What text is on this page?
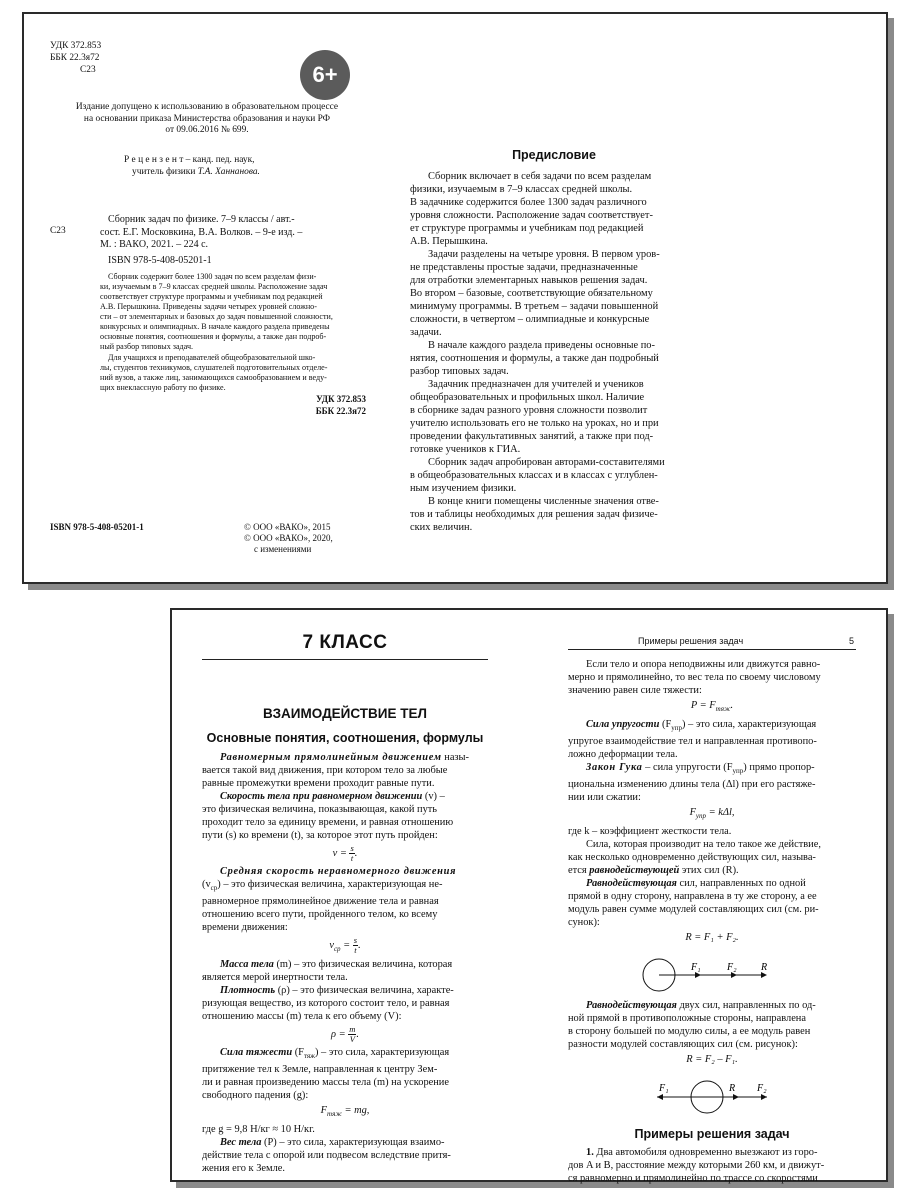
УДК 372.853
ББК 22.3я72
С23	6+
Издание допущено к использованию в образовательном процессе
на основании приказа Министерства образования и науки РФ
от 09.06.2016 № 699.
Р е ц е н з е н т – канд. пед. наук,
учитель физики Т.А. Ханнанова.
С23
Сборник задач по физике. 7–9 классы / авт.-
сост. Е.Г. Московкина, В.А. Волков. – 9-е изд. –
М. : ВАКО, 2021. – 224 с.
ISBN 978-5-408-05201-1
Сборник содержит более 1300 задач по всем разделам физи-
ки, изучаемым в 7–9 классах средней школы. Расположение задач
соответствует структуре программы и учебникам под редакцией
А.В. Перышкина. Приведены задачи четырех уровней сложно-
сти – от элементарных и базовых до задач повышенной сложности,
конкурсных и олимпиадных. В начале каждого раздела приведены
основные понятия, соотношения и формулы, а также дан подроб-
ный разбор типовых задач.
Для учащихся и преподавателей общеобразовательной шко-
лы, студентов техникумов, слушателей подготовительных отделе-
ний вузов, а также лиц, занимающихся самообразованием и веду-
щих внеклассную работу по физике.
УДК 372.853
ББК 22.3я72
ISBN 978-5-408-05201-1	© ООО «ВАКО», 2015
© ООО «ВАКО», 2020,
с изменениями
Предисловие
Сборник включает в себя задачи по всем разделам
физики, изучаемым в 7–9 классах средней школы.
В задачнике содержится более 1300 задач различного
уровня сложности. Расположение задач соответствует-
ет структуре программы и учебникам под редакцией
А.В. Перышкина.
Задачи разделены на четыре уровня. В первом уров-
не представлены простые задачи, предназначенные
для отработки элементарных навыков решения задач.
Во втором – базовые, соответствующие обязательному
минимуму программы. В третьем – задачи повышенной
сложности, в четвертом – олимпиадные и конкурсные
задачи.
В начале каждого раздела приведены основные по-
нятия, соотношения и формулы, а также дан подробный
разбор типовых задач.
Задачник предназначен для учителей и учеников
общеобразовательных и профильных школ. Наличие
в сборнике задач разного уровня сложности позволит
учителю использовать его не только на уроках, но и при
проведении факультативных занятий, а также при под-
готовке учеников к ГИА.
Сборник задач апробирован авторами-составителями
в общеобразовательных классах и в классах с углублен-
ным изучением физики.
В конце книги помещены численные значения отве-
тов и таблицы необходимых для решения задач физиче-
ских величин.
7 КЛАСС
ВЗАИМОДЕЙСТВИЕ ТЕЛ
Основные понятия, соотношения, формулы
Равномерным прямолинейным движением назы-
вается такой вид движения, при котором тело за любые
равные промежутки времени проходит равные пути.
Скорость тела при равномерном движении (v) –
это физическая величина, показывающая, какой путь
проходит тело за единицу времени, и равная отношению
пути (s) ко времени (t), за которое этот путь пройден:
$v = \frac{s}{t}$ .
Средняя скорость неравномерного движения
$(v_{ср})$ – это физическая величина, характеризующая не-
равномерное прямолинейное движение тела и равная
отношению всего пути, пройденного телом, ко всему
времени движения:
$v_{ср} = \frac{s}{t}$ .
Масса тела (m) – это физическая величина, которая
является мерой инертности тела.
Плотность (ρ) – это физическая величина, характе-
ризующая вещество, из которого состоит тело, и равная
отношению массы (m) тела к его объему (V):
$\rho = \frac{m}{V}$ .
Сила тяжести $(F_{тяж})$ – это сила, характеризующая
притяжение тел к Земле, направленная к центру Зем-
ли и равная произведению массы тела (m) на ускорение
свободного падения (g):
$F_{тяж}$ = mg,
где g = 9,8 Н/кг ≈ 10 Н/кг.
Вес тела (P) – это сила, характеризующая взаимо-
действие тела с опорой или подвесом вследствие притя-
жения его к Земле.
Примеры решения задач	5
Если тело и опора неподвижны или движутся равно-
мерно и прямолинейно, то вес тела по своему числовому
значению равен силе тяжести:
$P = F_{тяж}$.
Сила упругости $(F_{упр})$ – это сила, характеризующая
упругое взаимодействие тел и направленная противопо-
ложно деформации тела.
Закон Гука – сила упругости $(F_{упр})$ прямо пропор-
циональна изменению длины тела (Δl) при его растяже-
нии или сжатии:
$F_{упр} = k\Delta l$,
где k – коэффициент жесткости тела.
Сила, которая производит на тело такое же действие,
как несколько одновременно действующих сил, называ-
ется равнодействующей этих сил (R).
Равнодействующая сил, направленных по одной
прямой в одну сторону, направлена в ту же сторону, а ее
модуль равен сумме модулей составляющих сил (см. ри-
сунок):
R = F₁ + F₂.
F₁	F₂ R
Равнодействующая двух сил, направленных по од-
ной прямой в противоположные стороны, направлена
в сторону большей по модулю силы, а ее модуль равен
разности модулей составляющих сил (см. рисунок):
R = F₂ – F₁.
F₁	R F₂
Примеры решения задач
1. Два автомобиля одновременно выезжают из горо-
дов A и B, расстояние между которыми 260 км, и движут-
ся равномерно и прямолинейно по трассе со скоростями
